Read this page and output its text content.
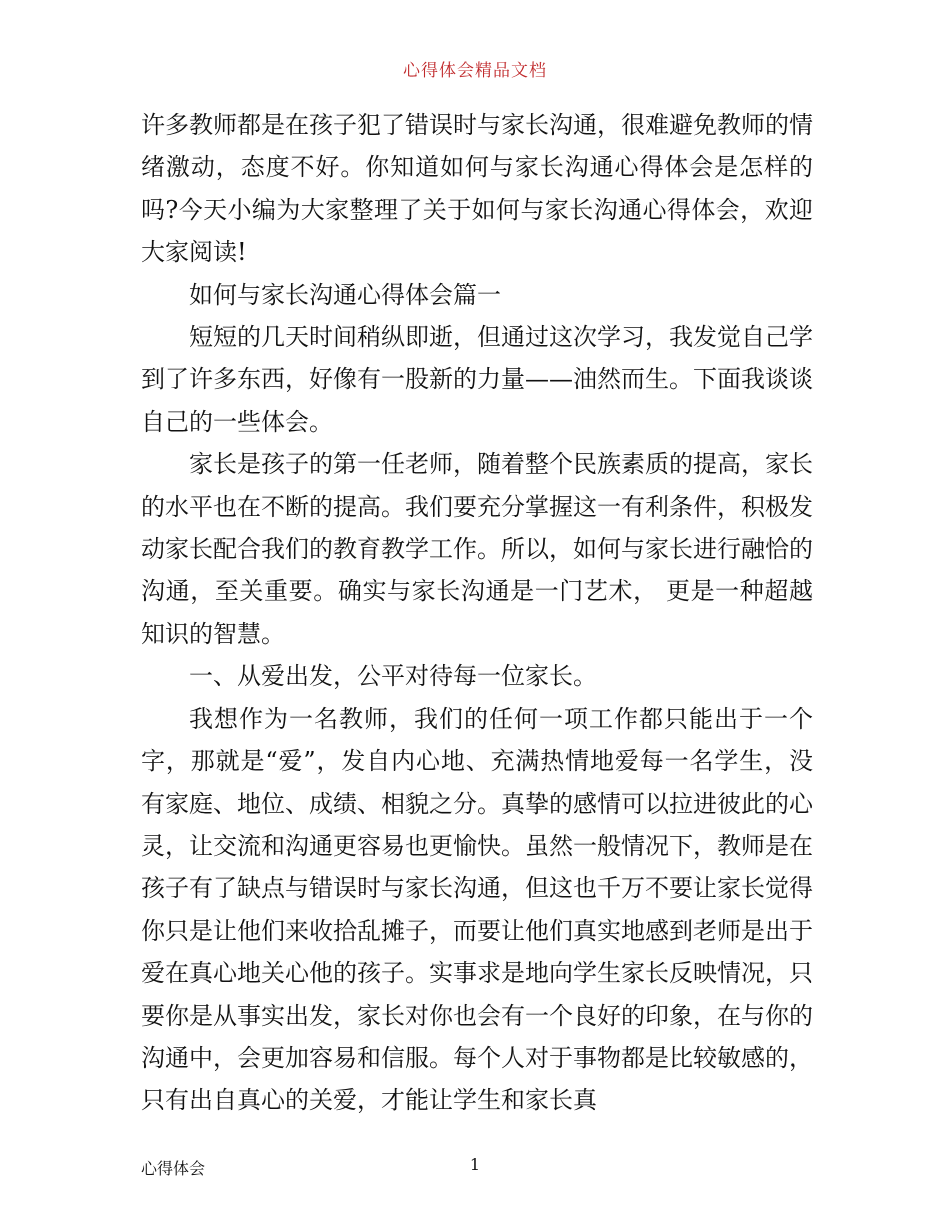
心得体会精品文档

许多教师都是在孩子犯了错误时与家长沟通，很难避免教师的情绪激动，态度不好。你知道如何与家长沟通心得体会是怎样的吗?今天小编为大家整理了关于如何与家长沟通心得体会，欢迎大家阅读!

如何与家长沟通心得体会篇一

短短的几天时间稍纵即逝，但通过这次学习，我发觉自己学到了许多东西，好像有一股新的力量——油然而生。下面我谈谈自己的一些体会。

家长是孩子的第一任老师，随着整个民族素质的提高，家长的水平也在不断的提高。我们要充分掌握这一有利条件，积极发动家长配合我们的教育教学工作。所以，如何与家长进行融恰的沟通，至关重要。确实与家长沟通是一门艺术， 更是一种超越知识的智慧。

一、从爱出发，公平对待每一位家长。

我想作为一名教师，我们的任何一项工作都只能出于一个字，那就是“爱”，发自内心地、充满热情地爱每一名学生，没有家庭、地位、成绩、相貌之分。真挚的感情可以拉进彼此的心灵，让交流和沟通更容易也更愉快。虽然一般情况下，教师是在孩子有了缺点与错误时与家长沟通，但这也千万不要让家长觉得你只是让他们来收拾乱摊子，而要让他们真实地感到老师是出于爱在真心地关心他的孩子。实事求是地向学生家长反映情况，只要你是从事实出发，家长对你也会有一个良好的印象，在与你的沟通中，会更加容易和信服。每个人对于事物都是比较敏感的，只有出自真心的关爱，才能让学生和家长真

心得体会	1
